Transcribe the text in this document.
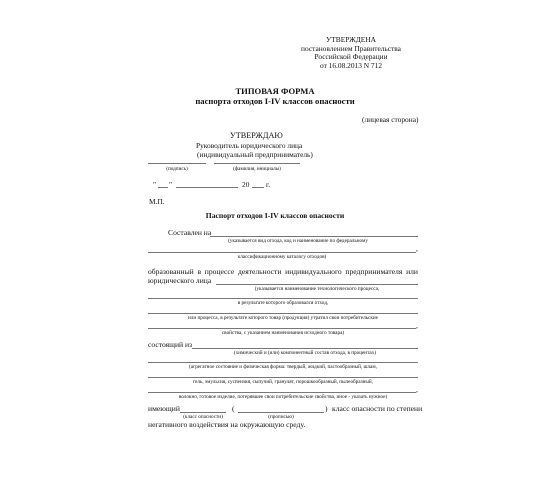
УТВЕРЖДЕНА
постановлением Правительства
Российской Федерации
от 16.08.2013 N 712
ТИПОВАЯ ФОРМА
паспорта отходов I-IV классов опасности
(лицевая сторона)
УТВЕРЖДАЮ
Руководитель юридического лица
(индивидуальный предприниматель)
(подпись)	(фамилия, инициалы)
" "	20 г.
М.П.
Паспорт отходов I-IV классов опасности
Составлен на
(указывается вид отхода, код и наименование по федеральному
,
классификационному каталогу отходов)
образованный в процессе деятельности индивидуального предпринимателя или
юридического лица
(указывается наименование технологического процесса,
в результате которого образовался отход,
или процесса, в результате которого товар (продукция) утратил свои потребительские
,
свойства, с указанием наименования исходного товара)
состоящий из
(химический и (или) компонентный состав отхода, в процентах)
(агрегатное состояние и физическая форма: твердый, жидкий, пастообразный, шлам,
гель, эмульсия, суспензия, сыпучий, гранулят, порошкообразный, пылеобразный,
,
волокно, готовое изделие, потерявшее свои потребительские свойства, иное - указать нужное)
имеющий	(	) класс опасности по степени
(класс опасности)	(прописью)
негативного воздействия на окружающую среду.
